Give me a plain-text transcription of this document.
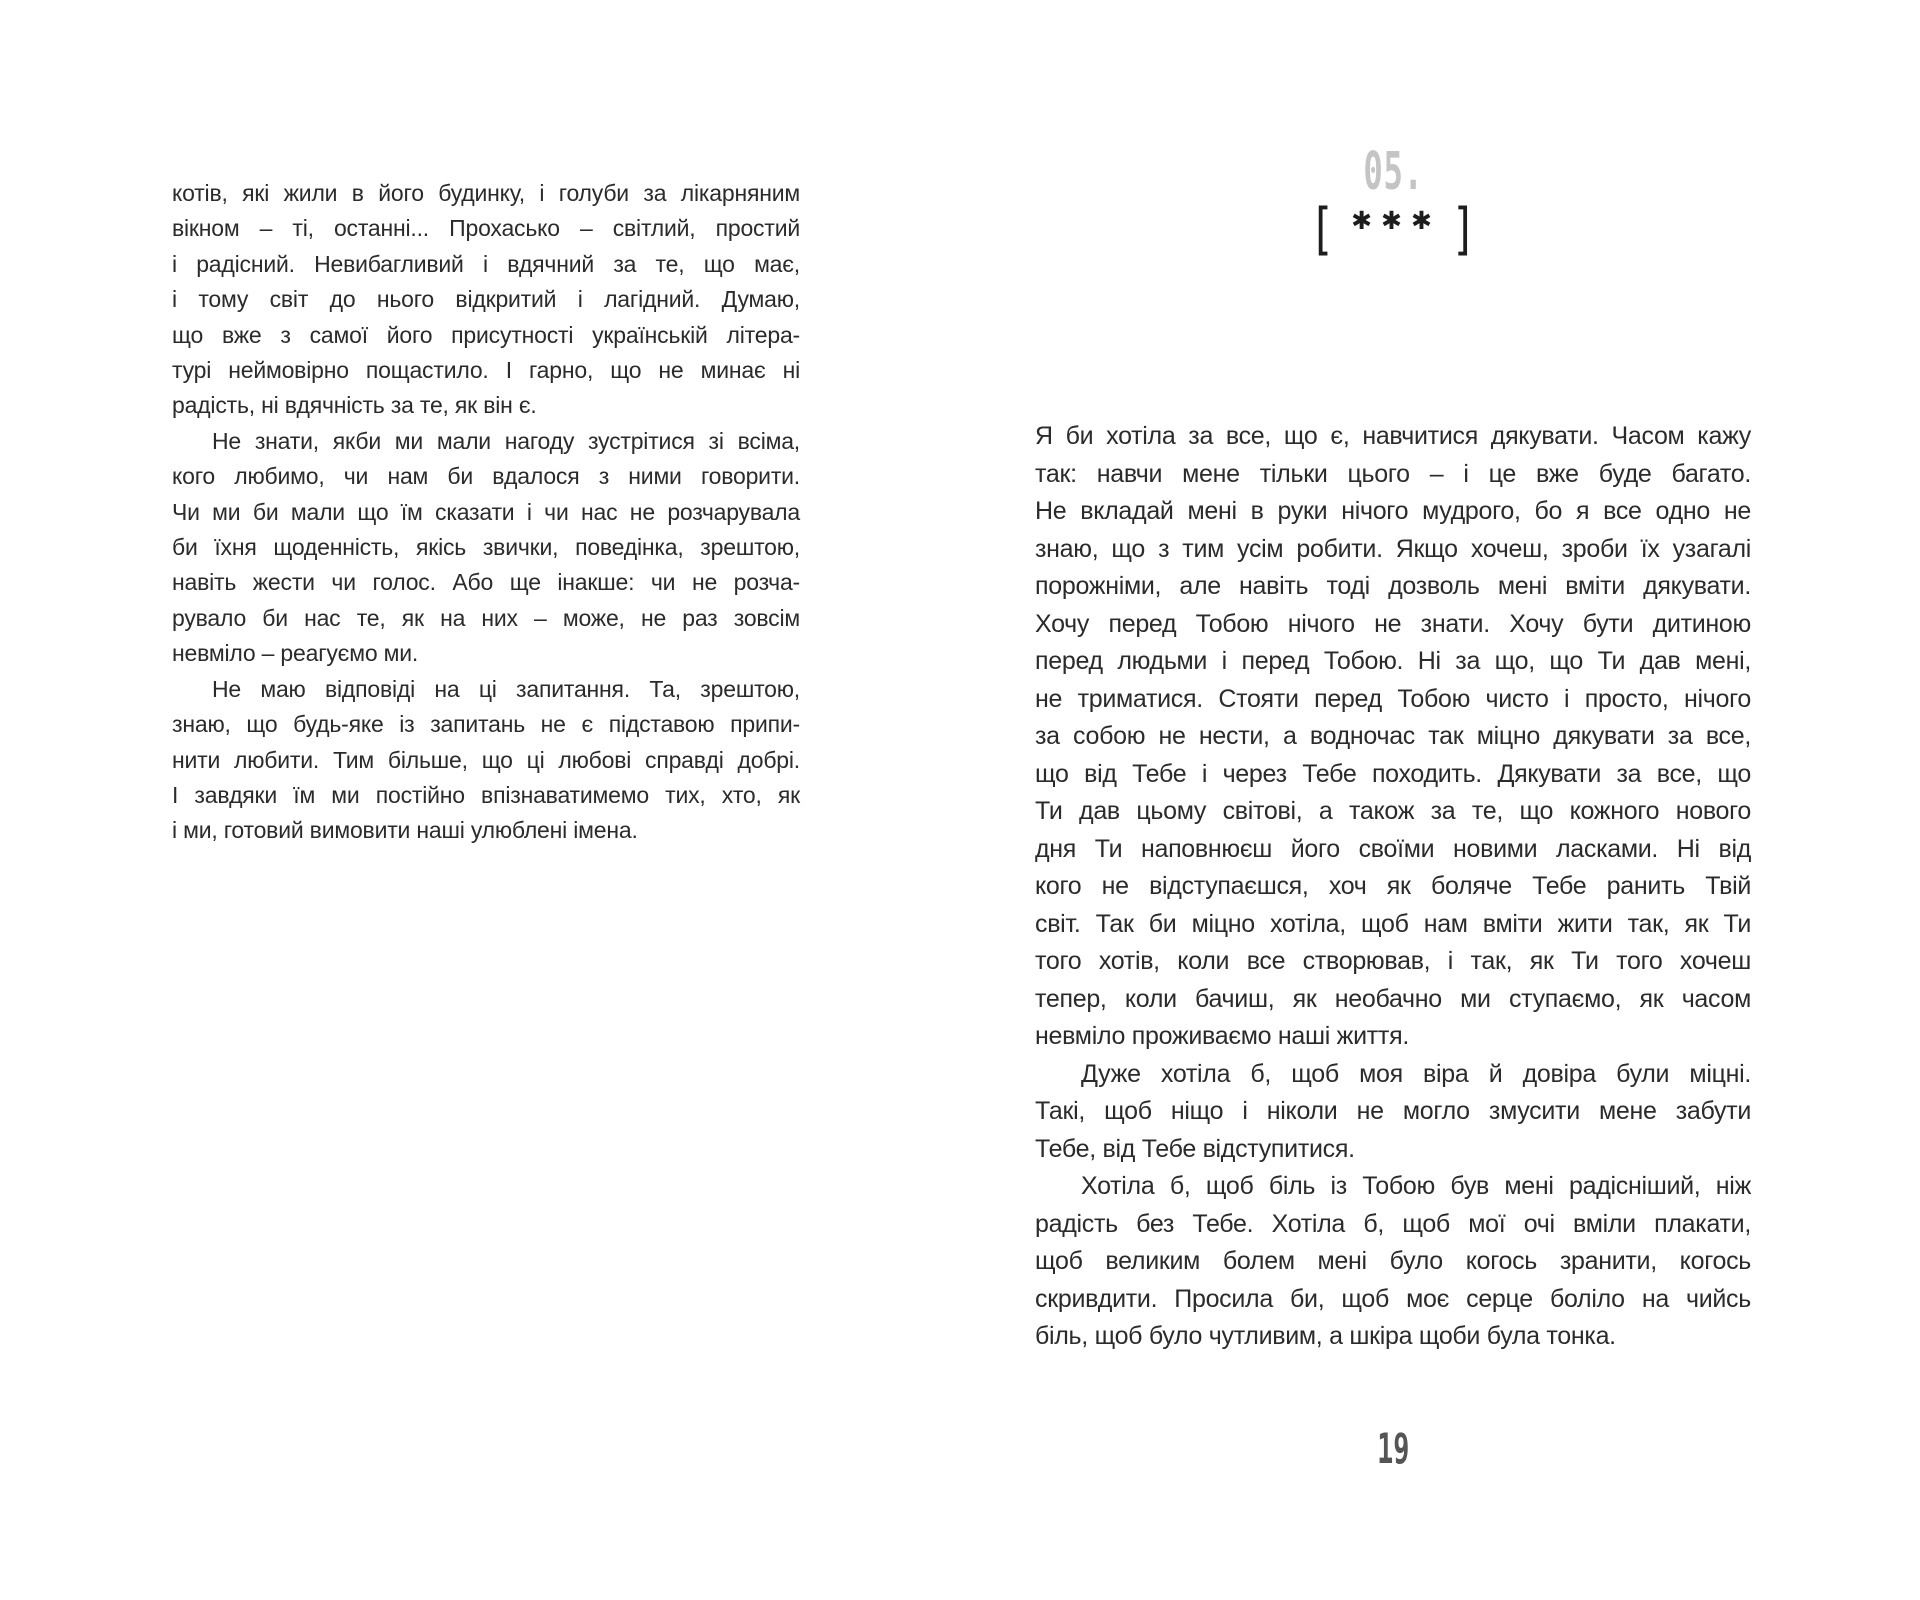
котів, які жили в його будинку, і голуби за лікарняним
вікном – ті, останні... Прохасько – світлий, простий
і радісний. Невибагливий і вдячний за те, що має,
і тому світ до нього відкритий і лагідний. Думаю,
що вже з самої його присутності українській літера-
турі неймовірно пощастило. І гарно, що не минає ні
радість, ні вдячність за те, як він є.
Не знати, якби ми мали нагоду зустрітися зі всіма,
кого любимо, чи нам би вдалося з ними говорити.
Чи ми би мали що їм сказати і чи нас не розчарувала
би їхня щоденність, якісь звички, поведінка, зрештою,
навіть жести чи голос. Або ще інакше: чи не розча-
рувало би нас те, як на них – може, не раз зовсім
невміло – реагуємо ми.
Не маю відповіді на ці запитання. Та, зрештою,
знаю, що будь-яке із запитань не є підставою припи-
нити любити. Тим більше, що ці любові справді добрі.
І завдяки їм ми постійно впізнаватимемо тих, хто, як
і ми, готовий вимовити наші улюблені імена.
05.
[ ✱✱✱ ]
Я би хотіла за все, що є, навчитися дякувати. Часом кажу
так: навчи мене тільки цього – і це вже буде багато.
Не вкладай мені в руки нічого мудрого, бо я все одно не
знаю, що з тим усім робити. Якщо хочеш, зроби їх узагалі
порожніми, але навіть тоді дозволь мені вміти дякувати.
Хочу перед Тобою нічого не знати. Хочу бути дитиною
перед людьми і перед Тобою. Ні за що, що Ти дав мені,
не триматися. Стояти перед Тобою чисто і просто, нічого
за собою не нести, а водночас так міцно дякувати за все,
що від Тебе і через Тебе походить. Дякувати за все, що
Ти дав цьому світові, а також за те, що кожного нового
дня Ти наповнюєш його своїми новими ласками. Ні від
кого не відступаєшся, хоч як боляче Тебе ранить Твій
світ. Так би міцно хотіла, щоб нам вміти жити так, як Ти
того хотів, коли все створював, і так, як Ти того хочеш
тепер, коли бачиш, як необачно ми ступаємо, як часом
невміло проживаємо наші життя.
Дуже хотіла б, щоб моя віра й довіра були міцні.
Такі, щоб ніщо і ніколи не могло змусити мене забути
Тебе, від Тебе відступитися.
Хотіла б, щоб біль із Тобою був мені радісніший, ніж
радість без Тебе. Хотіла б, щоб мої очі вміли плакати,
щоб великим болем мені було когось зранити, когось
скривдити. Просила би, щоб моє серце боліло на чийсь
біль, щоб було чутливим, а шкіра щоби була тонка.
19
